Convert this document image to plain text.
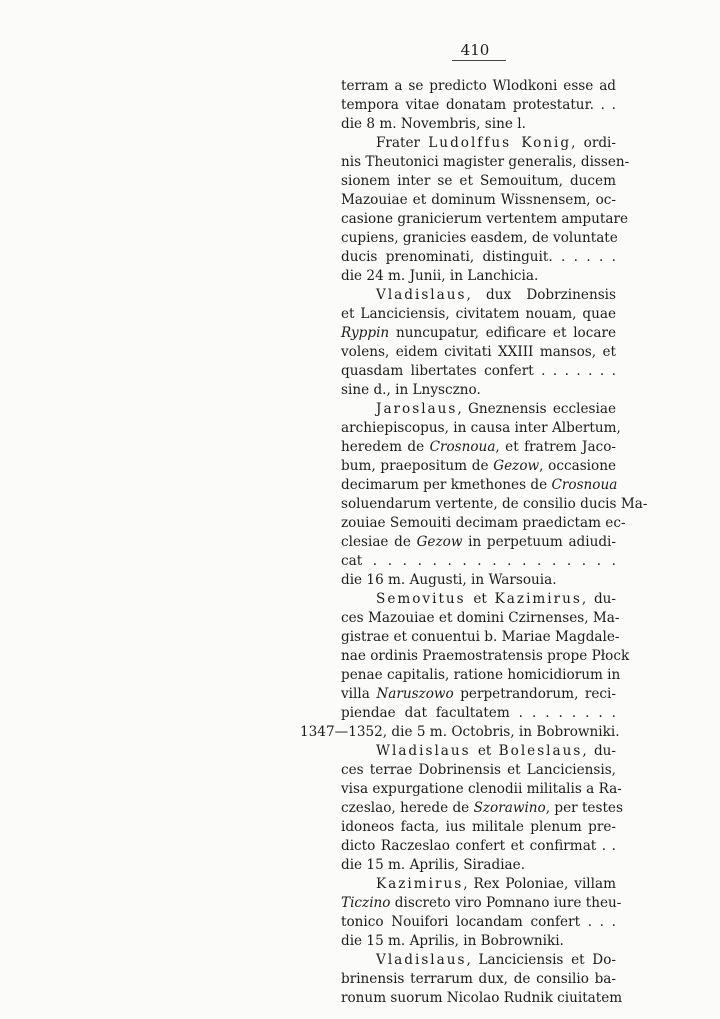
410
terram a se predicto Wlodkoni esse ad
tempora vitae donatam protestatur. . .
die 8 m. Novembris, sine l.
Frater Ludolffus Konig, ordi-
nis Theutonici magister generalis, dissen-
sionem inter se et Semouitum, ducem
Mazouiae et dominum Wissnensem, oc-
casione granicierum vertentem amputare
cupiens, granicies easdem, de voluntate
ducis prenominati, distinguit. . . . . .
die 24 m. Junii, in Lanchicia.
Vladislaus, dux Dobrzinensis
et Lanciciensis, civitatem nouam, quae
Ryppin nuncupatur, edificare et locare
volens, eidem civitati XXIII mansos, et
quasdam libertates confert . . . . . . .
sine d., in Lnysczno.
Jaroslaus, Gneznensis ecclesiae
archiepiscopus, in causa inter Albertum,
heredem de Crosnoua, et fratrem Jaco-
bum, praepositum de Gezow, occasione
decimarum per kmethones de Crosnoua
soluendarum vertente, de consilio ducis Ma-
zouiae Semouiti decimam praedictam ec-
clesiae de Gezow in perpetuum adiudi-
cat . . . . . . . . . . . . . . . . .
die 16 m. Augusti, in Warsouia.
Semovitus et Kazimirus, du-
ces Mazouiae et domini Czirnenses, Ma-
gistrae et conuentui b. Mariae Magdale-
nae ordinis Praemostratensis prope Płock
penae capitalis, ratione homicidiorum in
villa Naruszowo perpetrandorum, reci-
piendae dat facultatem . . . . . . . .
1347—1352, die 5 m. Octobris, in Bobrowniki.
Wladislaus et Boleslaus, du-
ces terrae Dobrinensis et Lanciciensis,
visa expurgatione clenodii militalis a Ra-
czeslao, herede de Szorawino, per testes
idoneos facta, ius militale plenum pre-
dicto Raczeslao confert et confirmat . .
die 15 m. Aprilis, Siradiae.
Kazimirus, Rex Poloniae, villam
Ticzino discreto viro Pomnano iure theu-
tonico Nouifori locandam confert . . .
die 15 m. Aprilis, in Bobrowniki.
Vladislaus, Lanciciensis et Do-
brinensis terrarum dux, de consilio ba-
ronum suorum Nicolao Rudnik ciuitatem
